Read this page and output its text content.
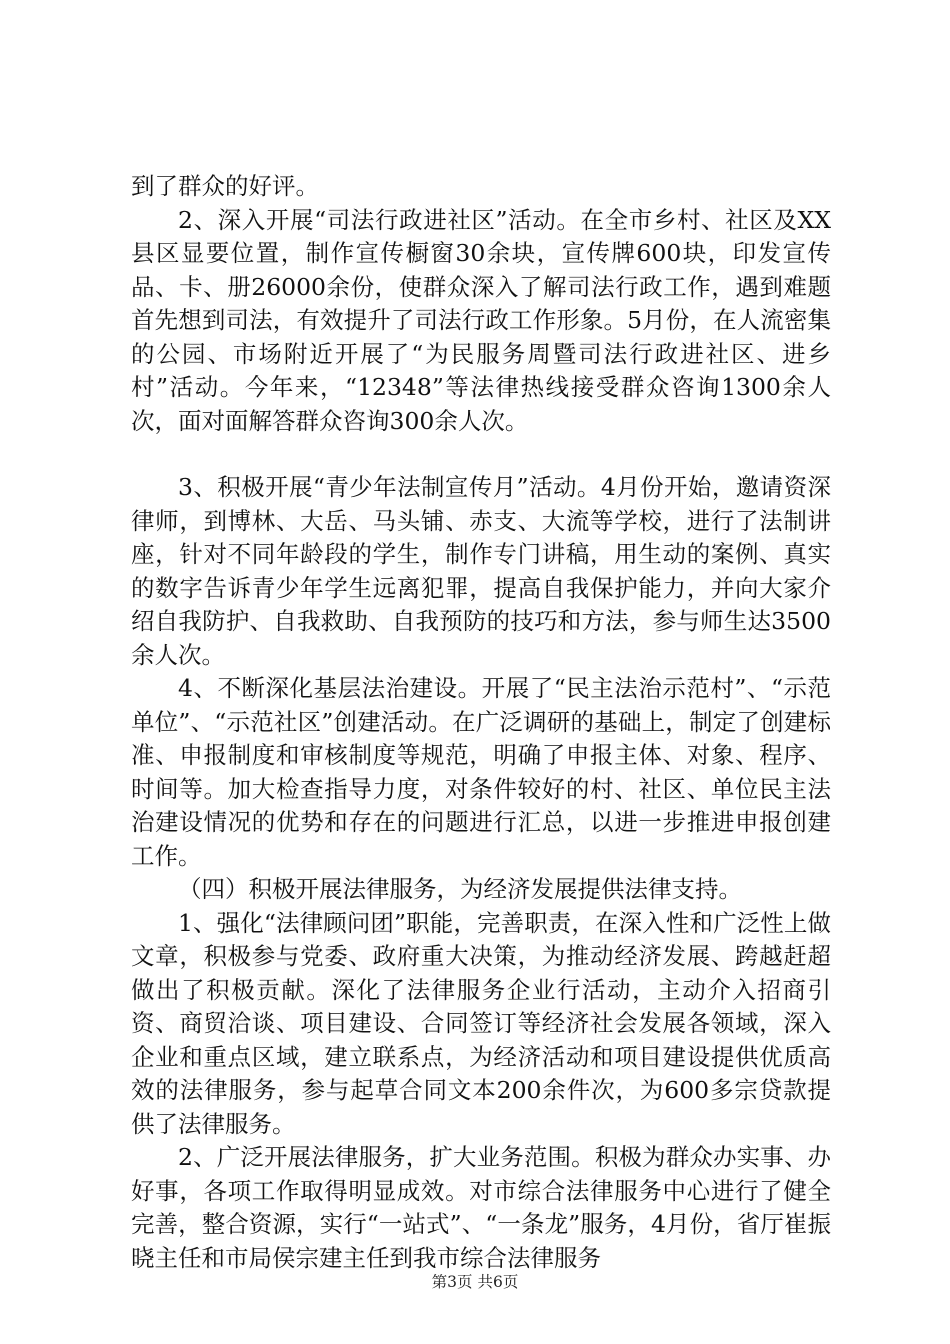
到了群众的好评。

2、深入开展“司法行政进社区”活动。在全市乡村、社区及XX县区显要位置，制作宣传橱窗30余块，宣传牌600块，印发宣传品、卡、册26000余份，使群众深入了解司法行政工作，遇到难题首先想到司法，有效提升了司法行政工作形象。5月份，在人流密集的公园、市场附近开展了“为民服务周暨司法行政进社区、进乡村”活动。今年来，“12348”等法律热线接受群众咨询1300余人次，面对面解答群众咨询300余人次。

3、积极开展“青少年法制宣传月”活动。4月份开始，邀请资深律师，到博林、大岳、马头铺、赤支、大流等学校，进行了法制讲座，针对不同年龄段的学生，制作专门讲稿，用生动的案例、真实的数字告诉青少年学生远离犯罪，提高自我保护能力，并向大家介绍自我防护、自我救助、自我预防的技巧和方法，参与师生达3500余人次。

4、不断深化基层法治建设。开展了“民主法治示范村”、“示范单位”、“示范社区”创建活动。在广泛调研的基础上，制定了创建标准、申报制度和审核制度等规范，明确了申报主体、对象、程序、时间等。加大检查指导力度，对条件较好的村、社区、单位民主法治建设情况的优势和存在的问题进行汇总，以进一步推进申报创建工作。

（四）积极开展法律服务，为经济发展提供法律支持。

1、强化“法律顾问团”职能，完善职责，在深入性和广泛性上做文章，积极参与党委、政府重大决策，为推动经济发展、跨越赶超做出了积极贡献。深化了法律服务企业行活动，主动介入招商引资、商贸洽谈、项目建设、合同签订等经济社会发展各领域，深入企业和重点区域，建立联系点，为经济活动和项目建设提供优质高效的法律服务，参与起草合同文本200余件次，为600多宗贷款提供了法律服务。

2、广泛开展法律服务，扩大业务范围。积极为群众办实事、办好事，各项工作取得明显成效。对市综合法律服务中心进行了健全完善，整合资源，实行“一站式”、“一条龙”服务，4月份，省厅崔振晓主任和市局侯宗建主任到我市综合法律服务

第3页 共6页
